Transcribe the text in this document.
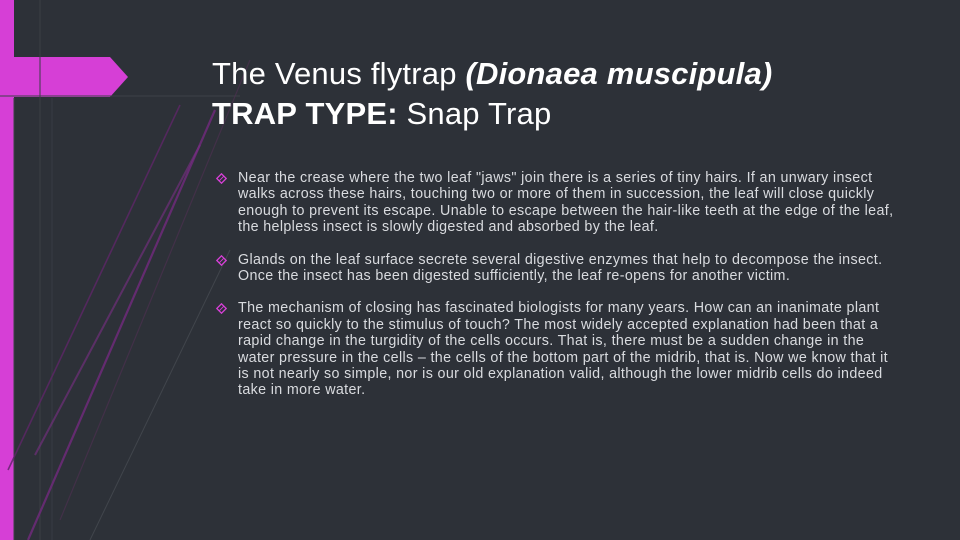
The Venus flytrap (Dionaea muscipula)
TRAP TYPE: Snap Trap
Near the crease where the two leaf "jaws" join there is a series of tiny hairs. If an unwary insect walks across these hairs, touching two or more of them in succession, the leaf will close quickly enough to prevent its escape. Unable to escape between the hair-like teeth at the edge of the leaf, the helpless insect is slowly digested and absorbed by the leaf.
Glands on the leaf surface secrete several digestive enzymes that help to decompose the insect. Once the insect has been digested sufficiently, the leaf re-opens for another victim.
The mechanism of closing has fascinated biologists for many years. How can an inanimate plant react so quickly to the stimulus of touch? The most widely accepted explanation had been that a rapid change in the turgidity of the cells occurs. That is, there must be a sudden change in the water pressure in the cells – the cells of the bottom part of the midrib, that is. Now we know that it is not nearly so simple, nor is our old explanation valid, although the lower midrib cells do indeed take in more water.
